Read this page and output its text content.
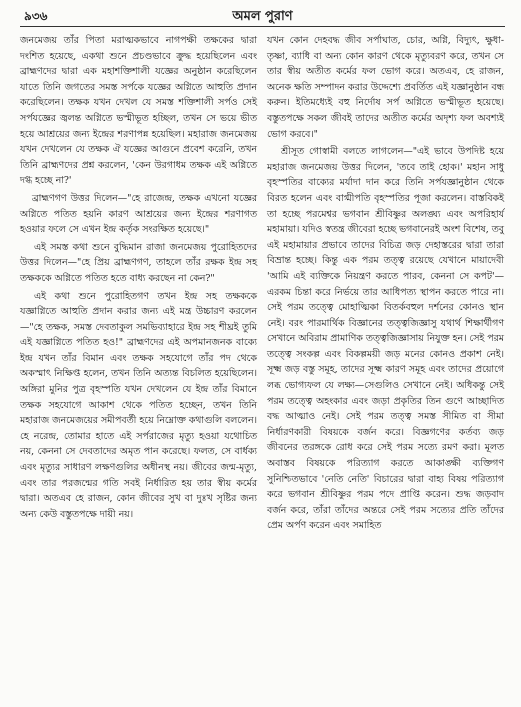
৯৩৬	অমল পুরাণ

জনমেজয় তাঁর পিতা মরাত্মকভাবে নাগপক্ষী তক্ষকের দ্বারা দংশিত হয়েছে, একথা শুনে প্রচণ্ডভাবে ক্রুদ্ধ হয়েছিলেন এবং ব্রাহ্মণদের দ্বারা এক মহাশক্তিশালী যজ্ঞের অনুষ্ঠান করেছিলেন যাতে তিনি জগতের সমস্ত সর্পকে যজ্ঞের অগ্নিতে আহুতি প্রদান করেছিলেন। তক্ষক যখন দেখল যে সমস্ত শক্তিশালী সর্পও সেই সর্পযজ্ঞের জ্বলন্ত অগ্নিতে ভস্মীভূত হচ্ছিল, তখন সে ভয়ে ভীত হয়ে আশ্রয়ের জন্য ইন্দ্রের শরণাপন্ন হয়েছিল। মহারাজ জনমেজয় যখন দেখলেন যে তক্ষক ঐ যজ্ঞের আগুনে প্রবেশ করেনি, তখন তিনি ব্রাহ্মণদের প্রশ্ন করলেন, 'কেন উরগাধম তক্ষক এই অগ্নিতে দগ্ধ হচ্ছে না?'

ব্রাহ্মণগণ উত্তর দিলেন—"হে রাজেন্দ্র, তক্ষক এখনো যজ্ঞের অগ্নিতে পতিত হয়নি কারণ আশ্রয়ের জন্য ইন্দ্রের শরণাগত হওয়ার ফলে সে এখন ইন্দ্র কর্তৃক সংরক্ষিত হয়েছে।"

এই সমস্ত কথা শুনে বুদ্ধিমান রাজা জনমেজয় পুরোহিতদের উত্তর দিলেন—"হে প্রিয় ব্রাহ্মণগণ, তাহলে তাঁর রক্ষক ইন্দ্র সহ তক্ষককে অগ্নিতে পতিত হতে বাধ্য করছেন না কেন?"

এই কথা শুনে পুরোহিতগণ তখন ইন্দ্র সহ তক্ষককে যজ্ঞাগ্নিতে আহুতি প্রদান করার জন্য এই মন্ত্র উচ্চারণ করলেন—"হে তক্ষক, সমস্ত দেবতাকুল সমভিব্যাহারে ইন্দ্র সহ শীঘ্রই তুমি এই যজ্ঞাগ্নিতে পতিত হও!" ব্রাহ্মণদের এই অপমানজনক বাক্যে ইন্দ্র যখন তাঁর বিমান এবং তক্ষক সহযোগে তাঁর পদ থেকে অকস্মাৎ নিক্ষিপ্ত হলেন, তখন তিনি অত্যন্ত বিচলিত হয়েছিলেন। অঙ্গিরা মুনির পুত্র বৃহস্পতি যখন দেখলেন যে ইন্দ্র তাঁর বিমানে তক্ষক সহযোগে আকাশ থেকে পতিত হচ্ছেন, তখন তিনি মহারাজ জনমেজয়ের সমীপবর্তী হয়ে নিম্নোক্ত কথাগুলি বললেন। হে নরেন্দ্র, তোমার হাতে এই সর্পরাজের মৃত্যু হওয়া যথোচিত নয়, কেননা সে দেবতাদের অমৃত পান করেছে। ফলত, সে বার্ধক্য এবং মৃত্যুর সাধারণ লক্ষণগুলির অধীনস্থ নয়। জীবের জন্ম-মৃত্যু, এবং তার পরজন্মের গতি সবই নির্ধারিত হয় তার স্বীয় কর্মের দ্বারা। অতএব হে রাজন, কোন জীবের সুখ বা দুঃখ সৃষ্টির জন্য অন্য কেউ বস্তুতপক্ষে দায়ী নয়।

যখন কোন দেহবদ্ধ জীব সর্পাঘাত, চোর, অগ্নি, বিদ্যুৎ, ক্ষুধা-তৃষ্ণা, ব্যাধি বা অন্য কোন কারণ থেকে মৃত্যুবরণ করে, তখন সে তার স্বীয় অতীত কর্মের ফল ভোগ করে। অতএব, হে রাজন, অনেক ক্ষতি সম্পাদন করার উদ্দেশ্যে প্রবর্তিত এই যজ্ঞানুষ্ঠান বন্ধ করুন। ইতিমধ্যেই বহু নির্দোষ সর্প অগ্নিতে ভস্মীভূত হয়েছে। বস্তুতপক্ষে সকল জীবই তাদের অতীত কর্মের অদৃশ্য ফল অবশ্যই ভোগ করবে।"

শ্রীসূত গোস্বামী বলতে লাগলেন—"এই ভাবে উপদিষ্ট হয়ে মহারাজ জনমেজয় উত্তর দিলেন, 'তবে তাই হোক।' মহান সাধু বৃহস্পতির বাক্যের মর্যাদা দান করে তিনি সর্পযজ্ঞানুষ্ঠান থেকে বিরত হলেন এবং বাগ্মীপতি বৃহস্পতির পূজা করলেন। বাস্তবিকই তা হচ্ছে পরমেশ্বর ভগবান শ্রীবিষ্ণুর অলঙ্ঘ্য এবং অপরিহার্য মহামায়া। যদিও স্বতন্ত্র জীবেরা হচ্ছে ভগবানেরই অংশ বিশেষ, তবু এই মহামায়ার প্রভাবে তাদের বিচিত্র জড় দেহাস্তরের দ্বারা তারা বিভ্রান্ত হচ্ছে। কিন্তু এক পরম তত্ত্ব রয়েছে যেখানে মায়াদেবী 'আমি এই ব্যক্তিকে নিয়ন্ত্রণ করতে পারব, কেননা সে কপট'—এরকম চিন্তা করে নির্ভয়ে তার আধিপত্য স্থাপন করতে পারে না। সেই পরম তত্ত্বে মোহাত্মিকা বিতর্কবহুল দর্শনের কোনও স্থান নেই। বরং পারমার্থিক বিজ্ঞানের তত্ত্বজিজ্ঞাসু যথার্থ শিক্ষার্থীগণ সেখানে অবিরাম প্রামাণিক তত্ত্বজিজ্ঞাসায় নিযুক্ত হন। সেই পরম তত্ত্বে সংকল্প এবং বিকল্পময়ী জড় মনের কোনও প্রকাশ নেই। সূক্ষ্ম জড় বস্তু সমূহ, তাদের সূক্ষ্ম কারণ সমূহ এবং তাদের প্রয়োগে লব্ধ ভোগ্যফল যে লক্ষ্য—সেগুলিও সেখানে নেই। অধিকন্তু সেই পরম তত্ত্বে অহংকার এবং জড়া প্রকৃতির তিন গুণে আচ্ছাদিত বদ্ধ আত্মাও নেই। সেই পরম তত্ত্ব সমস্ত সীমিত বা সীমা নির্ধারণকারী বিষয়কে বর্জন করে। বিজ্ঞগণের কর্তব্য জড় জীবনের তরঙ্গকে রোধ করে সেই পরম সত্যে রমণ করা। মূলত অবাস্তব বিষয়কে পরিত্যাগ করতে আকাঙ্ক্ষী ব্যক্তিগণ সুনিশ্চিতভাবে 'নেতি নেতি' বিচারের দ্বারা বাহ্য বিষয় পরিত্যাগ করে ভগবান শ্রীবিষ্ণুর পরম পদে প্রাপ্তি করেন। শুদ্ধ জড়বাদ বর্জন করে, তাঁরা তাঁদের অন্তরে সেই পরম সত্যের প্রতি তাঁদের প্রেম অর্পণ করেন এবং সমাহিত
